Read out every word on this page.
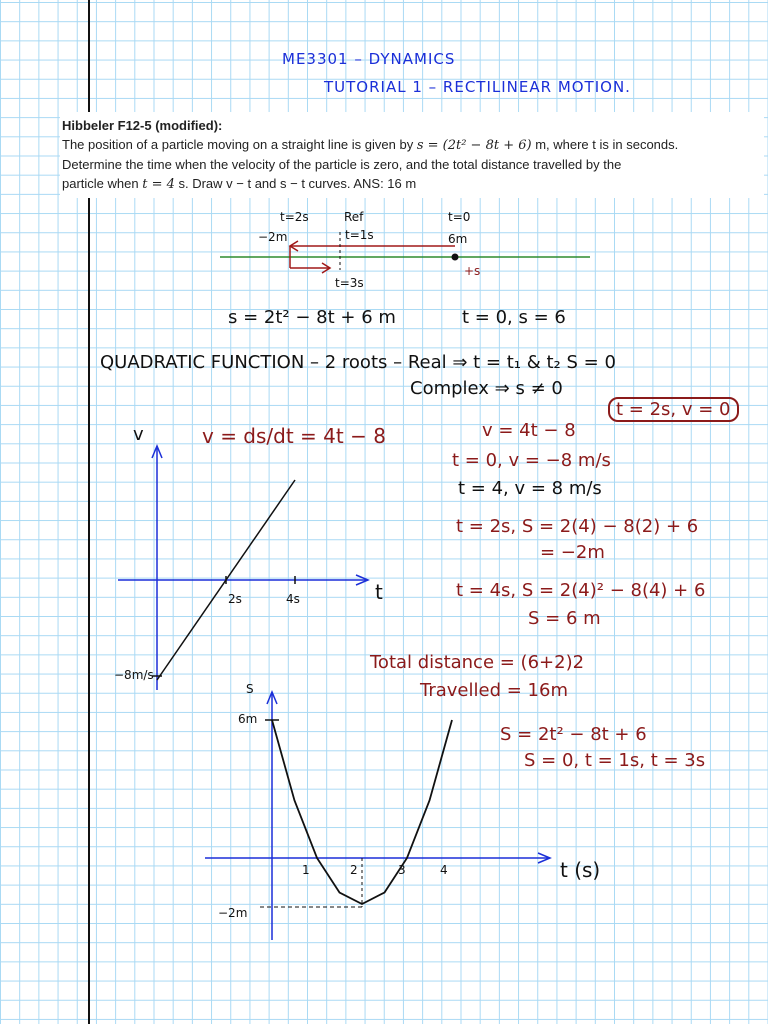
ME3301 – DYNAMICS
TUTORIAL 1 – RECTILINEAR MOTION.
Hibbeler F12-5 (modified):
The position of a particle moving on a straight line is given by s = (2t² − 8t + 6) m, where t is in seconds.
Determine the time when the velocity of the particle is zero, and the total distance travelled by the
particle when t = 4 s. Draw v − t and s − t curves. ANS: 16 m
t=2s	Ref
t=1s
t=0
−2m	6m
+s
t=3s
s = 2t² − 8t + 6 m	t = 0, s = 6
QUADRATIC FUNCTION – 2 roots – Real ⇒ t = t₁ & t₂ S = 0
Complex ⇒ s ≠ 0
t = 2s, v = 0
v	v = ds/dt = 4t − 8	v = 4t − 8
t = 0, v = −8 m/s
t = 4, v = 8 m/s
t = 2s, S = 2(4) − 8(2) + 6
= −2m
t = 4s, S = 2(4)² − 8(4) + 6
S = 6 m
Total distance = (6+2)2
Travelled = 16m
S = 2t² − 8t + 6
S = 0, t = 1s, t = 3s
t
2s	4s
−8m/s
S
6m
−2m
t (s)
1	2	3	4
